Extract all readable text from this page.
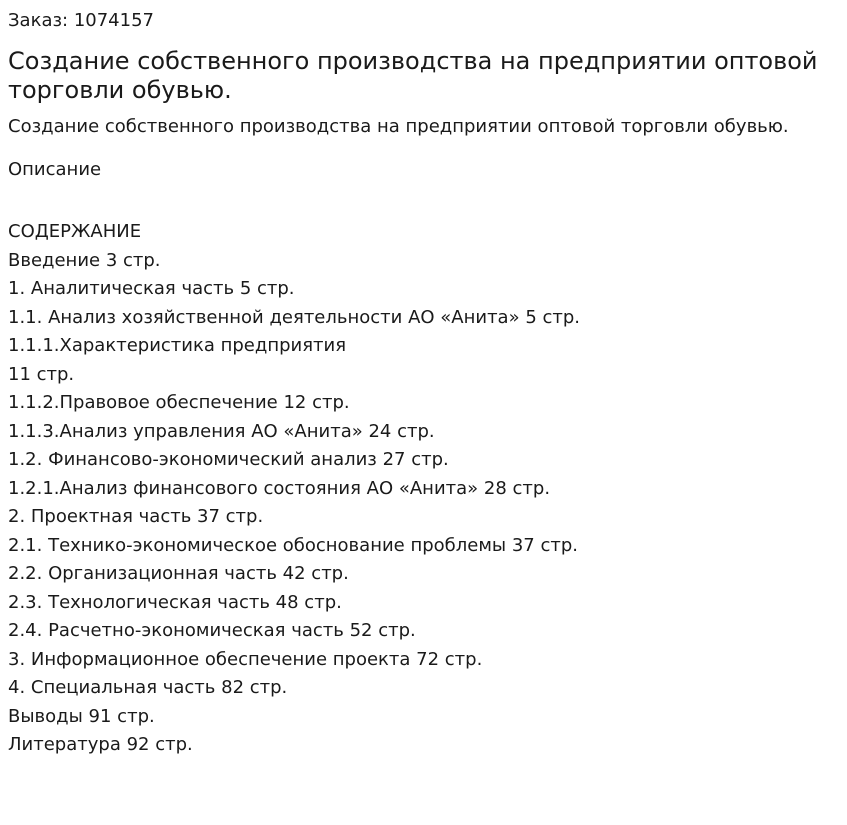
Заказ: 1074157
Создание собственного производства на предприятии оптовой торговли обувью.
Создание собственного производства на предприятии оптовой торговли обувью.
Описание
СОДЕРЖАНИЕ
Введение 3 стр.
1. Аналитическая часть 5 стр.
1.1. Анализ хозяйственной деятельности АО «Анита» 5 стр.
1.1.1.Характеристика предприятия
11 стр.
1.1.2.Правовое обеспечение 12 стр.
1.1.3.Анализ управления АО «Анита» 24 стр.
1.2. Финансово-экономический анализ 27 стр.
1.2.1.Анализ финансового состояния АО «Анита» 28 стр.
2. Проектная часть 37 стр.
2.1. Технико-экономическое обоснование проблемы 37 стр.
2.2. Организационная часть 42 стр.
2.3. Технологическая часть 48 стр.
2.4. Расчетно-экономическая часть 52 стр.
3. Информационное обеспечение проекта 72 стр.
4. Специальная часть 82 стр.
Выводы 91 стр.
Литература 92 стр.
